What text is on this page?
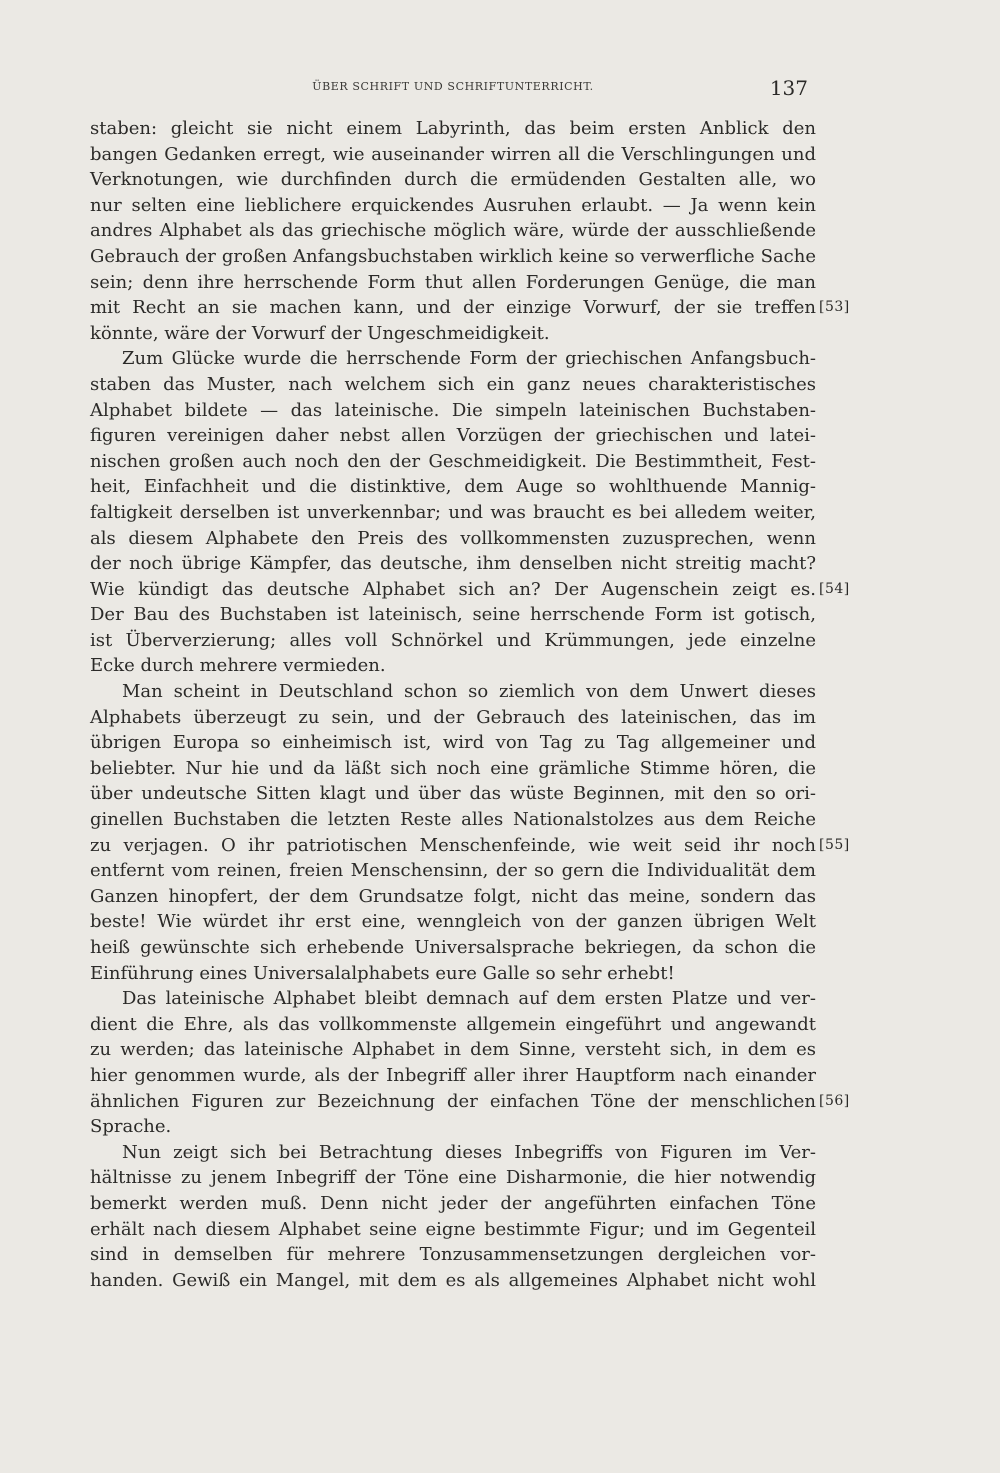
ÜBER SCHRIFT UND SCHRIFTUNTERRICHT.	137
staben: gleicht sie nicht einem Labyrinth, das beim ersten Anblick den
bangen Gedanken erregt, wie auseinander wirren all die Verschlingungen und
Verknotungen, wie durchfinden durch die ermüdenden Gestalten alle, wo
nur selten eine lieblichere erquickendes Ausruhen erlaubt. — Ja wenn kein
andres Alphabet als das griechische möglich wäre, würde der ausschließende
Gebrauch der großen Anfangsbuchstaben wirklich keine so verwerfliche Sache
sein; denn ihre herrschende Form thut allen Forderungen Genüge, die man
mit Recht an sie machen kann, und der einzige Vorwurf, der sie treffen [53]
könnte, wäre der Vorwurf der Ungeschmeidigkeit.
Zum Glücke wurde die herrschende Form der griechischen Anfangsbuch-
staben das Muster, nach welchem sich ein ganz neues charakteristisches
Alphabet bildete — das lateinische. Die simpeln lateinischen Buchstaben-
figuren vereinigen daher nebst allen Vorzügen der griechischen und latei-
nischen großen auch noch den der Geschmeidigkeit. Die Bestimmtheit, Fest-
heit, Einfachheit und die distinktive, dem Auge so wohlthuende Mannig-
faltigkeit derselben ist unverkennbar; und was braucht es bei alledem weiter,
als diesem Alphabete den Preis des vollkommensten zuzusprechen, wenn
der noch übrige Kämpfer, das deutsche, ihm denselben nicht streitig macht?
Wie kündigt das deutsche Alphabet sich an? Der Augenschein zeigt es. [54]
Der Bau des Buchstaben ist lateinisch, seine herrschende Form ist gotisch,
ist Überverzierung; alles voll Schnörkel und Krümmungen, jede einzelne
Ecke durch mehrere vermieden.
Man scheint in Deutschland schon so ziemlich von dem Unwert dieses
Alphabets überzeugt zu sein, und der Gebrauch des lateinischen, das im
übrigen Europa so einheimisch ist, wird von Tag zu Tag allgemeiner und
beliebter. Nur hie und da läßt sich noch eine grämliche Stimme hören, die
über undeutsche Sitten klagt und über das wüste Beginnen, mit den so ori-
ginellen Buchstaben die letzten Reste alles Nationalstolzes aus dem Reiche
zu verjagen. O ihr patriotischen Menschenfeinde, wie weit seid ihr noch [55]
entfernt vom reinen, freien Menschensinn, der so gern die Individualität dem
Ganzen hinopfert, der dem Grundsatze folgt, nicht das meine, sondern das
beste! Wie würdet ihr erst eine, wenngleich von der ganzen übrigen Welt
heiß gewünschte sich erhebende Universalsprache bekriegen, da schon die
Einführung eines Universalalphabets eure Galle so sehr erhebt!
Das lateinische Alphabet bleibt demnach auf dem ersten Platze und ver-
dient die Ehre, als das vollkommenste allgemein eingeführt und angewandt
zu werden; das lateinische Alphabet in dem Sinne, versteht sich, in dem es
hier genommen wurde, als der Inbegriff aller ihrer Hauptform nach einander
ähnlichen Figuren zur Bezeichnung der einfachen Töne der menschlichen [56]
Sprache.
Nun zeigt sich bei Betrachtung dieses Inbegriffs von Figuren im Ver-
hältnisse zu jenem Inbegriff der Töne eine Disharmonie, die hier notwendig
bemerkt werden muß. Denn nicht jeder der angeführten einfachen Töne
erhält nach diesem Alphabet seine eigne bestimmte Figur; und im Gegenteil
sind in demselben für mehrere Tonzusammensetzungen dergleichen vor-
handen. Gewiß ein Mangel, mit dem es als allgemeines Alphabet nicht wohl
